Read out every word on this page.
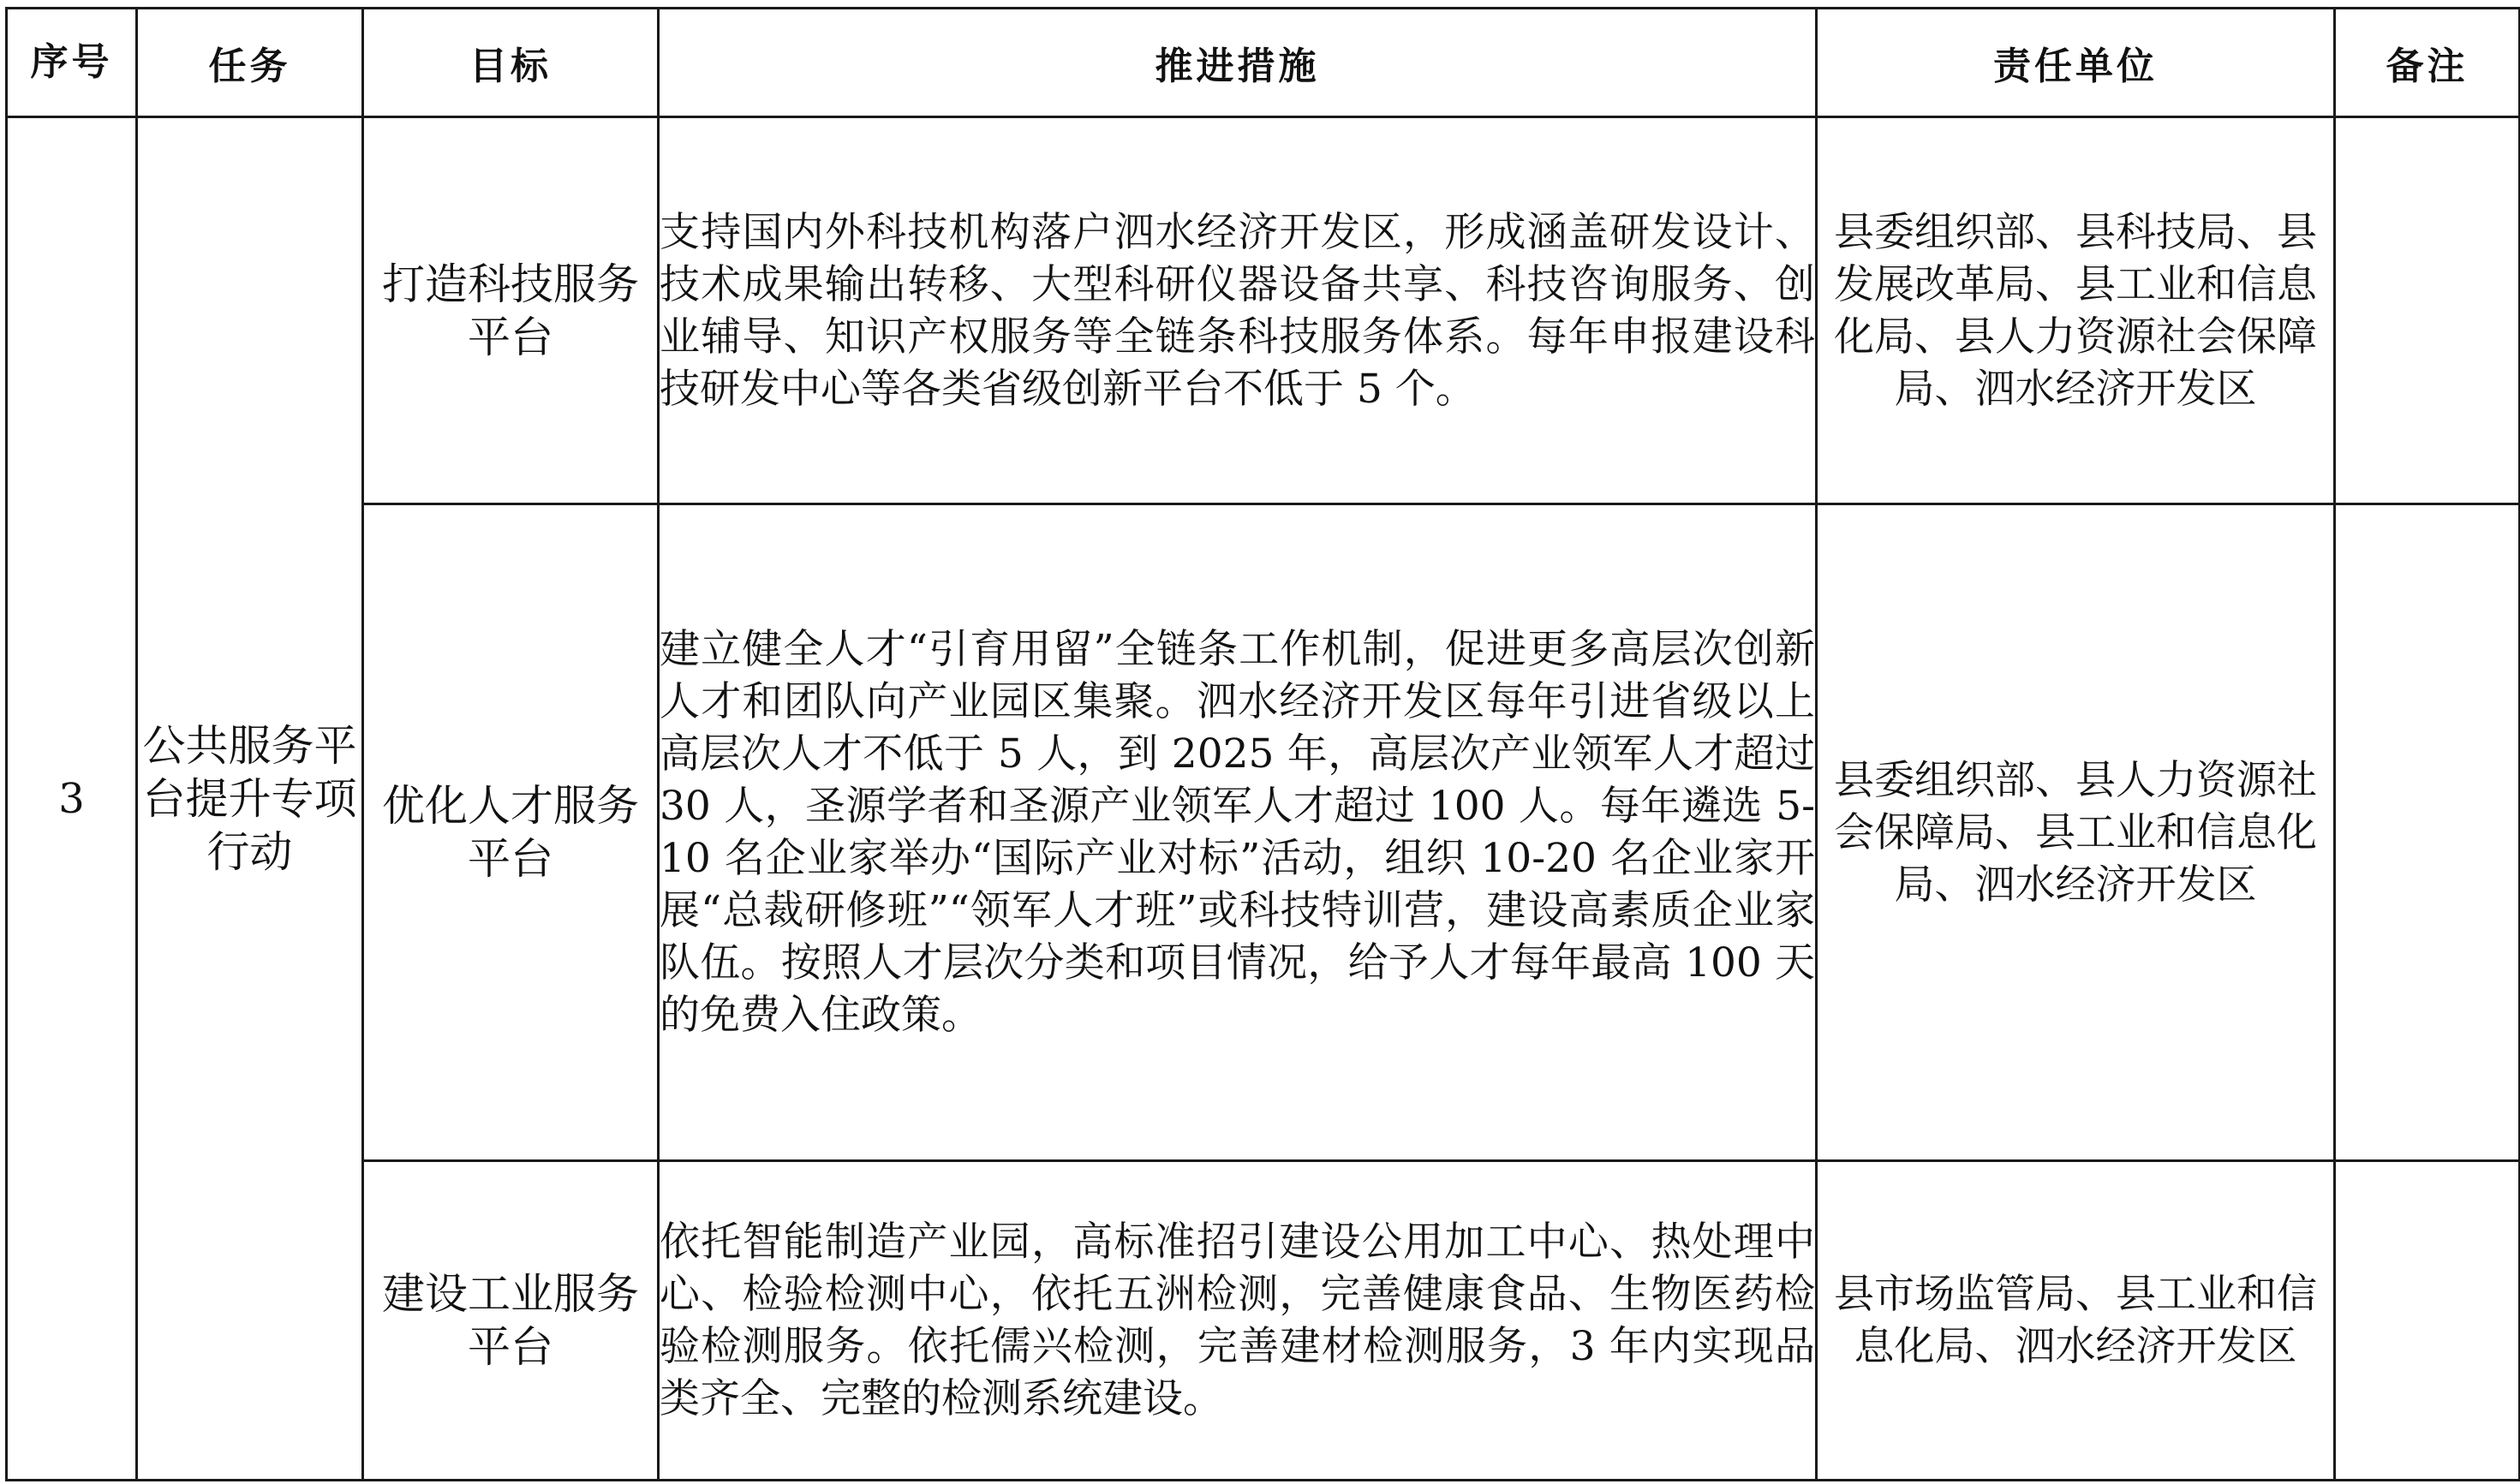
序号	任务	目标	推进措施	责任单位	备注
3	公共服务平台提升专项行动	打造科技服务平台	支持国内外科技机构落户泗水经济开发区，形成涵盖研发设计、技术成果输出转移、大型科研仪器设备共享、科技咨询服务、创业辅导、知识产权服务等全链条科技服务体系。每年申报建设科技研发中心等各类省级创新平台不低于 5 个。	县委组织部、县科技局、县发展改革局、县工业和信息化局、县人力资源社会保障局、泗水经济开发区	
		优化人才服务平台	建立健全人才“引育用留”全链条工作机制，促进更多高层次创新人才和团队向产业园区集聚。泗水经济开发区每年引进省级以上高层次人才不低于 5 人，到 2025 年，高层次产业领军人才超过 30 人，圣源学者和圣源产业领军人才超过 100 人。每年遴选 5-10 名企业家举办“国际产业对标”活动，组织 10-20 名企业家开展“总裁研修班”“领军人才班”或科技特训营，建设高素质企业家队伍。按照人才层次分类和项目情况，给予人才每年最高 100 天的免费入住政策。	县委组织部、县人力资源社会保障局、县工业和信息化局、泗水经济开发区	
		建设工业服务平台	依托智能制造产业园，高标准招引建设公用加工中心、热处理中心、检验检测中心，依托五洲检测，完善健康食品、生物医药检验检测服务。依托儒兴检测，完善建材检测服务，3 年内实现品类齐全、完整的检测系统建设。	县市场监管局、县工业和信息化局、泗水经济开发区	
